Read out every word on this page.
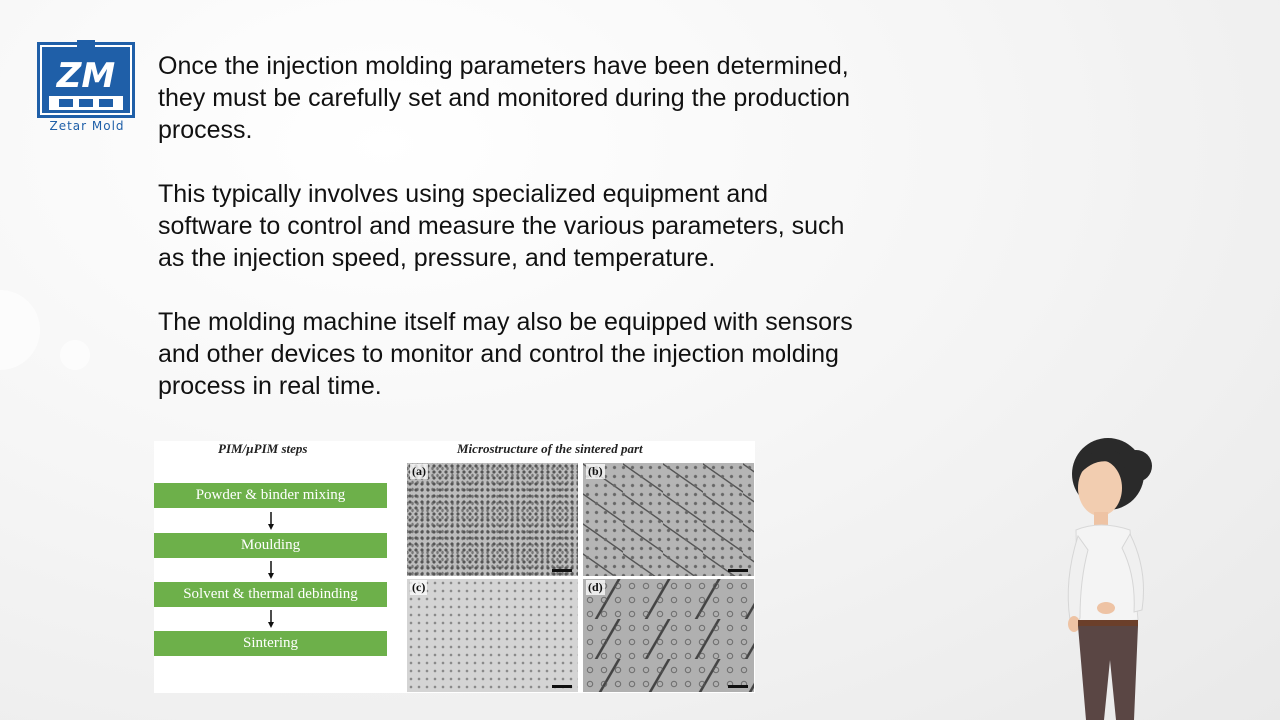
ZM
Zetar Mold

Once the injection molding parameters have been determined, they must be carefully set and monitored during the production process.

This typically involves using specialized equipment and software to control and measure the various parameters, such as the injection speed, pressure, and temperature.

The molding machine itself may also be equipped with sensors and other devices to monitor and control the injection molding process in real time.

PIM/µPIM steps	Microstructure of the sintered part
Powder & binder mixing
Moulding
Solvent & thermal debinding
Sintering
(a)	(b)
(c)	(d)
